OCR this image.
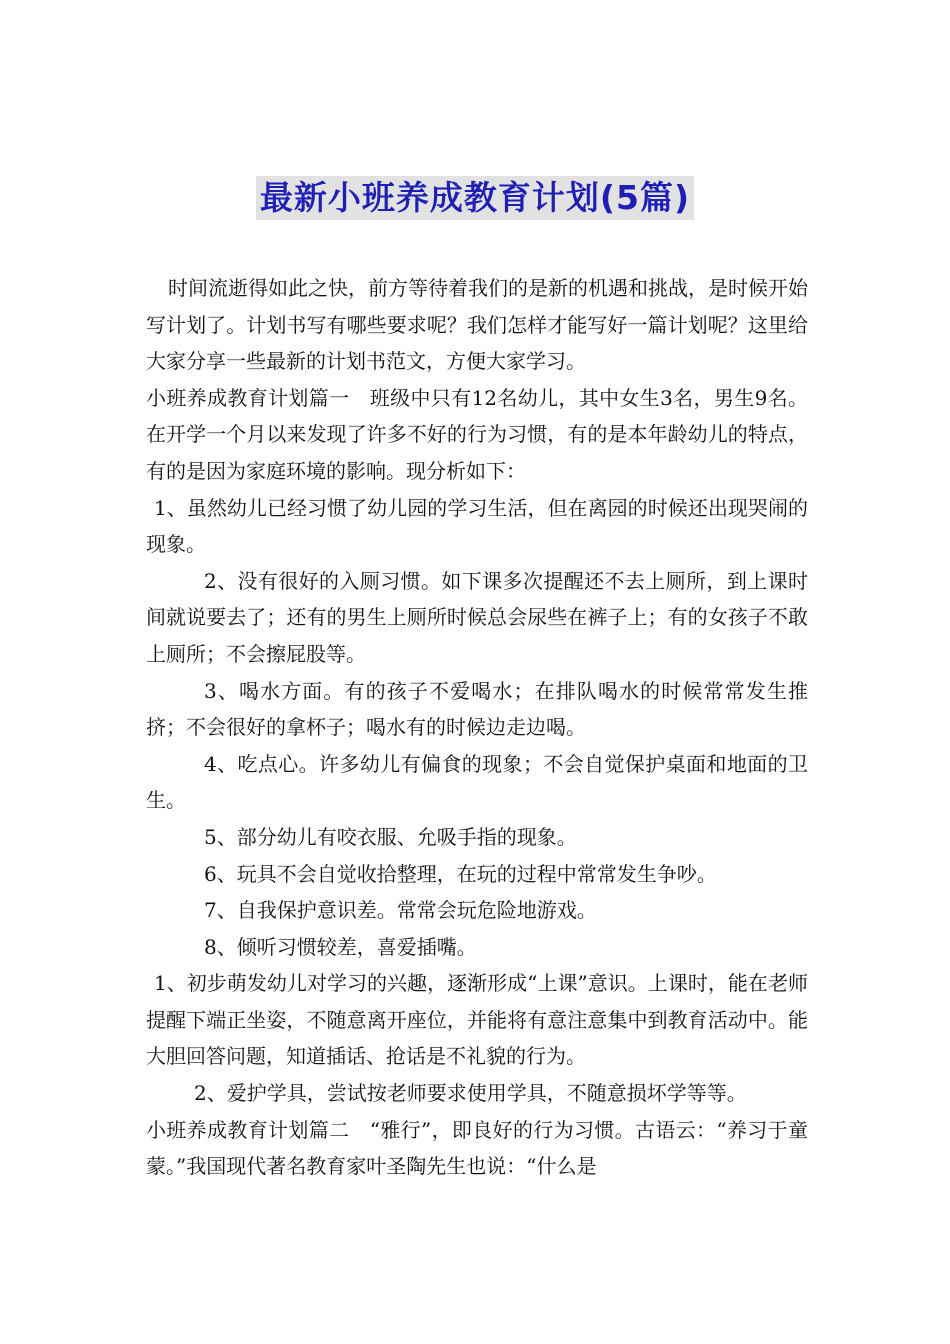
最新小班养成教育计划(5篇)

时间流逝得如此之快，前方等待着我们的是新的机遇和挑战，是时候开始写计划了。计划书写有哪些要求呢？我们怎样才能写好一篇计划呢？这里给大家分享一些最新的计划书范文，方便大家学习。

小班养成教育计划篇一　班级中只有12名幼儿，其中女生3名，男生9名。在开学一个月以来发现了许多不好的行为习惯，有的是本年龄幼儿的特点，有的是因为家庭环境的影响。现分析如下：

1、虽然幼儿已经习惯了幼儿园的学习生活，但在离园的时候还出现哭闹的现象。

2、没有很好的入厕习惯。如下课多次提醒还不去上厕所，到上课时间就说要去了；还有的男生上厕所时候总会尿些在裤子上；有的女孩子不敢上厕所；不会擦屁股等。

3、喝水方面。有的孩子不爱喝水；在排队喝水的时候常常发生推挤；不会很好的拿杯子；喝水有的时候边走边喝。

4、吃点心。许多幼儿有偏食的现象；不会自觉保护桌面和地面的卫生。

5、部分幼儿有咬衣服、允吸手指的现象。

6、玩具不会自觉收拾整理，在玩的过程中常常发生争吵。

7、自我保护意识差。常常会玩危险地游戏。

8、倾听习惯较差，喜爱插嘴。

1、初步萌发幼儿对学习的兴趣，逐渐形成“上课”意识。上课时，能在老师提醒下端正坐姿，不随意离开座位，并能将有意注意集中到教育活动中。能大胆回答问题，知道插话、抢话是不礼貌的行为。

2、爱护学具，尝试按老师要求使用学具，不随意损坏学等等。

小班养成教育计划篇二　“雅行”，即良好的行为习惯。古语云：“养习于童蒙。”我国现代著名教育家叶圣陶先生也说：“什么是
